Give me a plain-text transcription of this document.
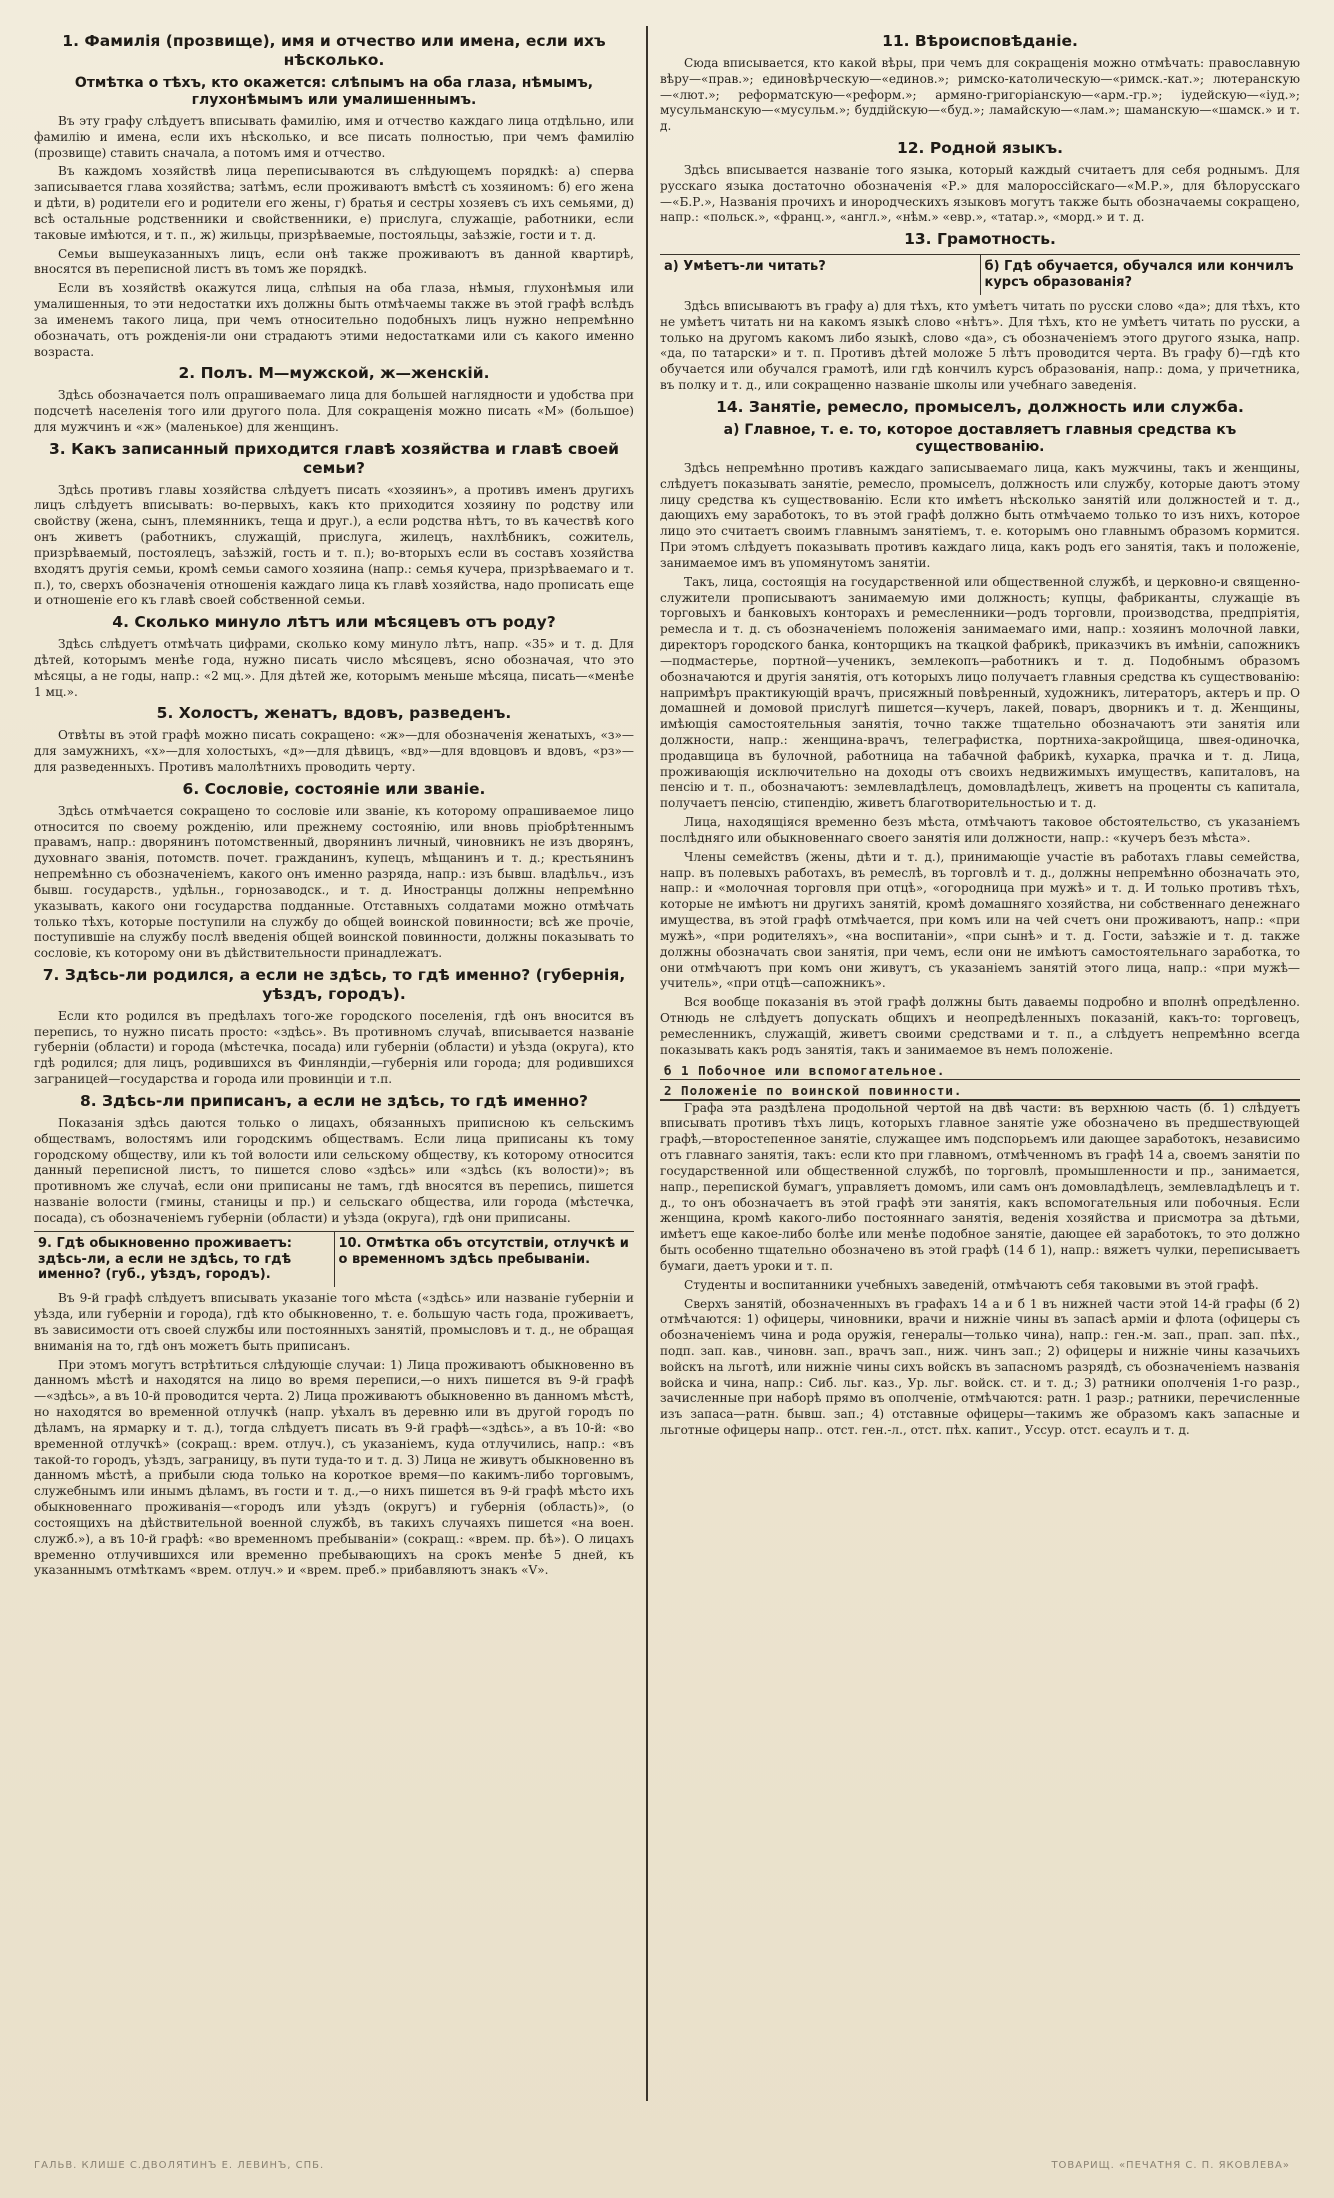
1. Фамилія (прозвище), имя и отчество или имена, если ихъ нѣсколько.
Отмѣтка о тѣхъ, кто окажется: слѣпымъ на оба глаза, нѣмымъ, глухонѣмымъ или умалишеннымъ.

Въ эту графу слѣдуетъ вписывать фамилію, имя и отчество каждаго лица отдѣльно, или фамилію и имена, если ихъ нѣсколько, и все писать полностью, при чемъ фамилію (прозвище) ставить сначала, а потомъ имя и отчество.

Въ каждомъ хозяйствѣ лица переписываются въ слѣдующемъ порядкѣ: а) сперва записывается глава хозяйства; затѣмъ, если проживаютъ вмѣстѣ съ хозяиномъ: б) его жена и дѣти, в) родители его и родители его жены, г) братья и сестры хозяевъ съ ихъ семьями, д) всѣ остальные родственники и свойственники, е) прислуга, служащіе, работники, если таковые имѣются, и т. п., ж) жильцы, призрѣваемые, постояльцы, заѣзжіе, гости и т. д.

Семьи вышеуказанныхъ лицъ, если онѣ также проживаютъ въ данной квартирѣ, вносятся въ переписной листъ въ томъ же порядкѣ.

Если въ хозяйствѣ окажутся лица, слѣпыя на оба глаза, нѣмыя, глухонѣмыя или умалишенныя, то эти недостатки ихъ должны быть отмѣчаемы также въ этой графѣ вслѣдъ за именемъ такого лица, при чемъ относительно подобныхъ лицъ нужно непремѣнно обозначать, отъ рожденія-ли они страдаютъ этими недостатками или съ какого именно возраста.

2. Полъ. М—мужской, ж—женскій.

Здѣсь обозначается полъ опрашиваемаго лица для большей наглядности и удобства при подсчетѣ населенія того или другого пола. Для сокращенія можно писать «М» (большое) для мужчинъ и «ж» (маленькое) для женщинъ.

3. Какъ записанный приходится главѣ хозяйства и главѣ своей семьи?

Здѣсь противъ главы хозяйства слѣдуетъ писать «хозяинъ», а противъ именъ другихъ лицъ слѣдуетъ вписывать: во-первыхъ, какъ кто приходится хозяину по родству или свойству (жена, сынъ, племянникъ, теща и друг.), а если родства нѣтъ, то въ качествѣ кого онъ живетъ (работникъ, служащій, прислуга, жилецъ, нахлѣбникъ, сожитель, призрѣваемый, постоялецъ, заѣзжій, гость и т. п.); во-вторыхъ если въ составъ хозяйства входятъ другія семьи, кромѣ семьи самого хозяина (напр.: семья кучера, призрѣваемаго и т. п.), то, сверхъ обозначенія отношенія каждаго лица къ главѣ хозяйства, надо прописать еще и отношеніе его къ главѣ своей собственной семьи.

4. Сколько минуло лѣтъ или мѣсяцевъ отъ роду?

Здѣсь слѣдуетъ отмѣчать цифрами, сколько кому минуло лѣтъ, напр. «35» и т. д. Для дѣтей, которымъ менѣе года, нужно писать число мѣсяцевъ, ясно обозначая, что это мѣсяцы, а не годы, напр.: «2 мц.». Для дѣтей же, которымъ меньше мѣсяца, писать—«менѣе 1 мц.».

5. Холостъ, женатъ, вдовъ, разведенъ.

Отвѣты въ этой графѣ можно писать сокращено: «ж»—для обозначенія женатыхъ, «з»—для замужнихъ, «х»—для холостыхъ, «д»—для дѣвицъ, «вд»—для вдовцовъ и вдовъ, «рз»—для разведенныхъ. Противъ малолѣтнихъ проводить черту.

6. Сословіе, состояніе или званіе.

Здѣсь отмѣчается сокращено то сословіе или званіе, къ которому опрашиваемое лицо относится по своему рожденію, или прежнему состоянію, или вновь пріобрѣтеннымъ правамъ, напр.: дворянинъ потомственный, дворянинъ личный, чиновникъ не изъ дворянъ, духовнаго званія, потомств. почет. гражданинъ, купецъ, мѣщанинъ и т. д.; крестьянинъ непремѣнно съ обозначеніемъ, какого онъ именно разряда, напр.: изъ бывш. владѣльч., изъ бывш. государств., удѣльн., горнозаводск., и т. д. Иностранцы должны непремѣнно указывать, какого они государства подданные. Отставныхъ солдатами можно отмѣчать только тѣхъ, которые поступили на службу до общей воинской повинности; всѣ же прочіе, поступившіе на службу послѣ введенія общей воинской повинности, должны показывать то сословіе, къ которому они въ дѣйствительности принадлежатъ.

7. Здѣсь-ли родился, а если не здѣсь, то гдѣ именно? (губернія, уѣздъ, городъ).

Если кто родился въ предѣлахъ того-же городского поселенія, гдѣ онъ вносится въ перепись, то нужно писать просто: «здѣсь». Въ противномъ случаѣ, вписывается названіе губерніи (области) и города (мѣстечка, посада) или губерніи (области) и уѣзда (округа), кто гдѣ родился; для лицъ, родившихся въ Финляндіи,—губернія или города; для родившихся заграницей—государства и города или провинціи и т.п.

8. Здѣсь-ли приписанъ, а если не здѣсь, то гдѣ именно?

Показанія здѣсь даются только о лицахъ, обязанныхъ приписною къ сельскимъ обществамъ, волостямъ или городскимъ обществамъ. Если лица приписаны къ тому городскому обществу, или къ той волости или сельскому обществу, къ которому относится данный переписной листъ, то пишется слово «здѣсь» или «здѣсь (къ волости)»; въ противномъ же случаѣ, если они приписаны не тамъ, гдѣ вносятся въ перепись, пишется названіе волости (гмины, станицы и пр.) и сельскаго общества, или города (мѣстечка, посада), съ обозначеніемъ губерніи (области) и уѣзда (округа), гдѣ они приписаны.

9. Гдѣ обыкновенно проживаетъ: здѣсь-ли, а если не здѣсь, то гдѣ именно? (губ., уѣздъ, городъ).
10. Отмѣтка объ отсутствіи, отлучкѣ и о временномъ здѣсь пребываніи.

Въ 9-й графѣ слѣдуетъ вписывать указаніе того мѣста («здѣсь» или названіе губерніи и уѣзда, или губерніи и города), гдѣ кто обыкновенно, т. е. большую часть года, проживаетъ, въ зависимости отъ своей службы или постоянныхъ занятій, промысловъ и т. д., не обращая вниманія на то, гдѣ онъ можетъ быть приписанъ.

При этомъ могутъ встрѣтиться слѣдующіе случаи: 1) Лица проживаютъ обыкновенно въ данномъ мѣстѣ и находятся на лицо во время переписи,—о нихъ пишется въ 9-й графѣ—«здѣсь», а въ 10-й проводится черта. 2) Лица проживаютъ обыкновенно въ данномъ мѣстѣ, но находятся во временной отлучкѣ (напр. уѣхалъ въ деревню или въ другой городъ по дѣламъ, на ярмарку и т. д.), тогда слѣдуетъ писать въ 9-й графѣ—«здѣсь», а въ 10-й: «во временной отлучкѣ» (сокращ.: врем. отлуч.), съ указаніемъ, куда отлучились, напр.: «въ такой-то городъ, уѣздъ, заграницу, въ пути туда-то и т. д. 3) Лица не живутъ обыкновенно въ данномъ мѣстѣ, а прибыли сюда только на короткое время—по какимъ-либо торговымъ, служебнымъ или инымъ дѣламъ, въ гости и т. д.,—о нихъ пишется въ 9-й графѣ мѣсто ихъ обыкновеннаго проживанія—«городъ или уѣздъ (округъ) и губернія (область)», (о состоящихъ на дѣйствительной военной службѣ, въ такихъ случаяхъ пишется «на воен. служб.»), а въ 10-й графѣ: «во временномъ пребываніи» (сокращ.: «врем. пр. бѣ»). О лицахъ временно отлучившихся или временно пребывающихъ на срокъ менѣе 5 дней, къ указаннымъ отмѣткамъ «врем. отлуч.» и «врем. преб.» прибавляютъ знакъ «V».

11. Вѣроисповѣданіе.

Сюда вписывается, кто какой вѣры, при чемъ для сокращенія можно отмѣчать: православную вѣру—«прав.»; единовѣрческую—«единов.»; римско-католическую—«римск.-кат.»; лютеранскую—«лют.»; реформатскую—«реформ.»; армяно-григоріанскую—«арм.-гр.»; іудейскую—«іуд.»; мусульманскую—«мусульм.»; буддійскую—«буд.»; ламайскую—«лам.»; шаманскую—«шамск.» и т. д.

12. Родной языкъ.

Здѣсь вписывается названіе того языка, который каждый считаетъ для себя роднымъ. Для русскаго языка достаточно обозначенія «Р.» для малороссійскаго—«М.Р.», для бѣлорусскаго—«Б.Р.», Названія прочихъ и инородческихъ языковъ могутъ также быть обозначаемы сокращено, напр.: «польск.», «франц.», «англ.», «нѣм.» «евр.», «татар.», «морд.» и т. д.

13. Грамотность.
а) Умѣетъ-ли читать?	б) Гдѣ обучается, обучался или кончилъ курсъ образованія?

Здѣсь вписываютъ въ графу а) для тѣхъ, кто умѣетъ читать по русски слово «да»; для тѣхъ, кто не умѣетъ читать ни на какомъ языкѣ слово «нѣтъ». Для тѣхъ, кто не умѣетъ читать по русски, а только на другомъ какомъ либо языкѣ, слово «да», съ обозначеніемъ этого другого языка, напр. «да, по татарски» и т. п. Противъ дѣтей моложе 5 лѣтъ проводится черта. Въ графу б)—гдѣ кто обучается или обучался грамотѣ, или гдѣ кончилъ курсъ образованія, напр.: дома, у причетника, въ полку и т. д., или сокращенно названіе школы или учебнаго заведенія.

14. Занятіе, ремесло, промыселъ, должность или служба.
а) Главное, т. е. то, которое доставляетъ главныя средства къ существованію.

Здѣсь непремѣнно противъ каждаго записываемаго лица, какъ мужчины, такъ и женщины, слѣдуетъ показывать занятіе, ремесло, промыселъ, должность или службу, которые даютъ этому лицу средства къ существованію. Если кто имѣетъ нѣсколько занятій или должностей и т. д., дающихъ ему заработокъ, то въ этой графѣ должно быть отмѣчаемо только то изъ нихъ, которое лицо это считаетъ своимъ главнымъ занятіемъ, т. е. которымъ оно главнымъ образомъ кормится. При этомъ слѣдуетъ показывать противъ каждаго лица, какъ родъ его занятія, такъ и положеніе, занимаемое имъ въ упомянутомъ занятіи.

Такъ, лица, состоящія на государственной или общественной службѣ, и церковно-и священно-служители прописываютъ занимаемую ими должность; купцы, фабриканты, служащіе въ торговыхъ и банковыхъ конторахъ и ремесленники—родъ торговли, производства, предпріятія, ремесла и т. д. съ обозначеніемъ положенія занимаемаго ими, напр.: хозяинъ молочной лавки, директоръ городского банка, конторщикъ на ткацкой фабрикѣ, приказчикъ въ имѣніи, сапожникъ—подмастерье, портной—ученикъ, землекопъ—работникъ и т. д. Подобнымъ образомъ обозначаются и другія занятія, отъ которыхъ лицо получаетъ главныя средства къ существованію: напримѣръ практикующій врачъ, присяжный повѣренный, художникъ, литераторъ, актеръ и пр. О домашней и домовой прислугѣ пишется—кучеръ, лакей, поваръ, дворникъ и т. д. Женщины, имѣющія самостоятельныя занятія, точно также тщательно обозначаютъ эти занятія или должности, напр.: женщина-врачъ, телеграфистка, портниха-закройщица, швея-одиночка, продавщица въ булочной, работница на табачной фабрикѣ, кухарка, прачка и т. д. Лица, проживающія исключительно на доходы отъ своихъ недвижимыхъ имуществъ, капиталовъ, на пенсію и т. п., обозначаютъ: землевладѣлецъ, домовладѣлецъ, живетъ на проценты съ капитала, получаетъ пенсію, стипендію, живетъ благотворительностью и т. д.

Лица, находящіяся временно безъ мѣста, отмѣчаютъ таковое обстоятельство, съ указаніемъ послѣдняго или обыкновеннаго своего занятія или должности, напр.: «кучеръ безъ мѣста».

Члены семействъ (жены, дѣти и т. д.), принимающіе участіе въ работахъ главы семейства, напр. въ полевыхъ работахъ, въ ремеслѣ, въ торговлѣ и т. д., должны непремѣнно обозначать это, напр.: и «молочная торговля при отцѣ», «огородница при мужѣ» и т. д. И только противъ тѣхъ, которые не имѣютъ ни другихъ занятій, кромѣ домашняго хозяйства, ни собственнаго денежнаго имущества, въ этой графѣ отмѣчается, при комъ или на чей счетъ они проживаютъ, напр.: «при мужѣ», «при родителяхъ», «на воспитаніи», «при сынѣ» и т. д. Гости, заѣзжіе и т. д. также должны обозначать свои занятія, при чемъ, если они не имѣютъ самостоятельнаго заработка, то они отмѣчаютъ при комъ они живутъ, съ указаніемъ занятій этого лица, напр.: «при мужѣ—учитель», «при отцѣ—сапожникъ».

Вся вообще показанія въ этой графѣ должны быть даваемы подробно и вполнѣ опредѣленно. Отнюдь не слѣдуетъ допускать общихъ и неопредѣленныхъ показаній, какъ-то: торговецъ, ремесленникъ, служащій, живетъ своими средствами и т. п., а слѣдуетъ непремѣнно всегда показывать какъ родъ занятія, такъ и занимаемое въ немъ положеніе.

б 1 Побочное или вспомогательное.
2 Положеніе по воинской повинности.

Графа эта раздѣлена продольной чертой на двѣ части: въ верхнюю часть (б. 1) слѣдуетъ вписывать противъ тѣхъ лицъ, которыхъ главное занятіе уже обозначено въ предшествующей графѣ,—второстепенное занятіе, служащее имъ подспорьемъ или дающее заработокъ, независимо отъ главнаго занятія, такъ: если кто при главномъ, отмѣченномъ въ графѣ 14 а, своемъ занятіи по государственной или общественной службѣ, по торговлѣ, промышленности и пр., занимается, напр., перепиской бумагъ, управляетъ домомъ, или самъ онъ домовладѣлецъ, землевладѣлецъ и т. д., то онъ обозначаетъ въ этой графѣ эти занятія, какъ вспомогательныя или побочныя. Если женщина, кромѣ какого-либо постояннаго занятія, веденія хозяйства и присмотра за дѣтьми, имѣетъ еще какое-либо болѣе или менѣе подобное занятіе, дающее ей заработокъ, то это должно быть особенно тщательно обозначено въ этой графѣ (14 б 1), напр.: вяжетъ чулки, переписываетъ бумаги, даетъ уроки и т. п.

Студенты и воспитанники учебныхъ заведеній, отмѣчаютъ себя таковыми въ этой графѣ.

Сверхъ занятій, обозначенныхъ въ графахъ 14 а и б 1 въ нижней части этой 14-й графы (б 2) отмѣчаются: 1) офицеры, чиновники, врачи и нижніе чины въ запасѣ арміи и флота (офицеры съ обозначеніемъ чина и рода оружія, генералы—только чина), напр.: ген.-м. зап., прап. зап. пѣх., подп. зап. кав., чиновн. зап., врачъ зап., ниж. чинъ зап.; 2) офицеры и нижніе чины казачьихъ войскъ на льготѣ, или нижніе чины сихъ войскъ въ запасномъ разрядѣ, съ обозначеніемъ названія войска и чина, напр.: Сиб. льг. каз., Ур. льг. войск. ст. и т. д.; 3) ратники ополченія 1-го разр., зачисленные при наборѣ прямо въ ополченіе, отмѣчаются: ратн. 1 разр.; ратники, перечисленные изъ запаса—ратн. бывш. зап.; 4) отставные офицеры—такимъ же образомъ какъ запасные и льготные офицеры напр.. отст. ген.-л., отст. пѣх. капит., Уссур. отст. есаулъ и т. д.

ГАЛЬВ. КЛИШЕ С.ДВОЛЯТИНЪ Е. ЛЕВИНЪ, СПБ.	ТОВАРИЩ. «ПЕЧАТНЯ С. П. ЯКОВЛЕВА»
